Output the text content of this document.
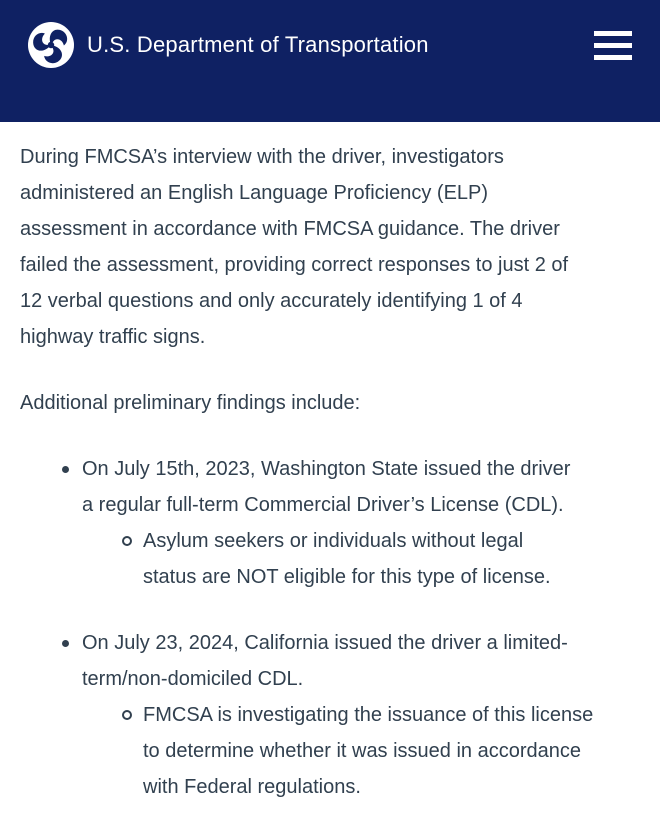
U.S. Department of Transportation

During FMCSA’s interview with the driver, investigators
administered an English Language Proficiency (ELP)
assessment in accordance with FMCSA guidance. The driver
failed the assessment, providing correct responses to just 2 of
12 verbal questions and only accurately identifying 1 of 4
highway traffic signs.

Additional preliminary findings include:

On July 15th, 2023, Washington State issued the driver
a regular full-term Commercial Driver’s License (CDL).
Asylum seekers or individuals without legal
status are NOT eligible for this type of license.
On July 23, 2024, California issued the driver a limited-
term/non-domiciled CDL.
FMCSA is investigating the issuance of this license
to determine whether it was issued in accordance
with Federal regulations.
